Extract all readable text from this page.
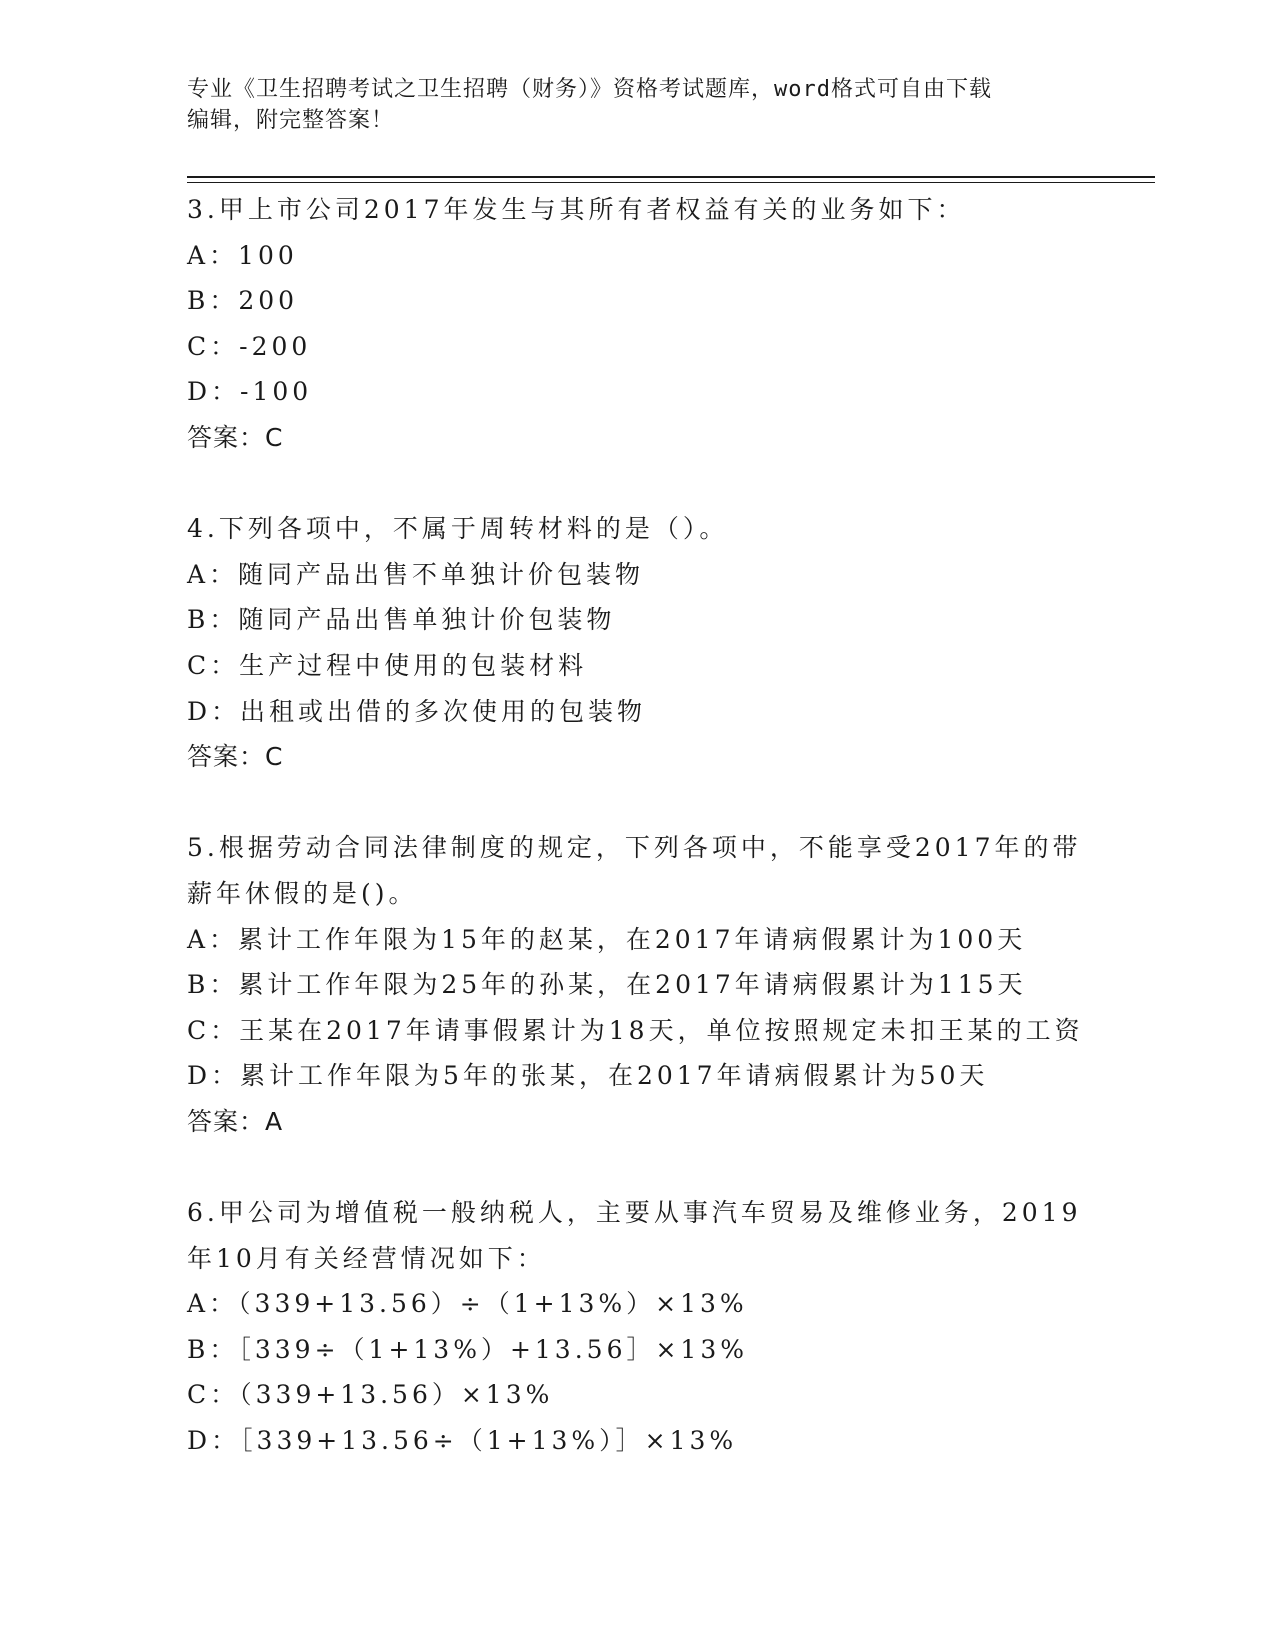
专业《卫生招聘考试之卫生招聘（财务）》资格考试题库，word格式可自由下载
编辑，附完整答案！
3.甲上市公司2017年发生与其所有者权益有关的业务如下：
A：100
B：200
C：-200
D：-100
答案：C
4.下列各项中，不属于周转材料的是（）。
A：随同产品出售不单独计价包装物
B：随同产品出售单独计价包装物
C：生产过程中使用的包装材料
D：出租或出借的多次使用的包装物
答案：C
5.根据劳动合同法律制度的规定，下列各项中，不能享受2017年的带
薪年休假的是()。
A：累计工作年限为15年的赵某，在2017年请病假累计为100天
B：累计工作年限为25年的孙某，在2017年请病假累计为115天
C：王某在2017年请事假累计为18天，单位按照规定未扣王某的工资
D：累计工作年限为5年的张某，在2017年请病假累计为50天
答案：A
6.甲公司为增值税一般纳税人，主要从事汽车贸易及维修业务，2019
年10月有关经营情况如下：
A：（339+13.56）÷（1+13%）×13%
B：［339÷（1+13%）+13.56］×13%
C：（339+13.56）×13%
D：［339+13.56÷（1+13%）］×13%
